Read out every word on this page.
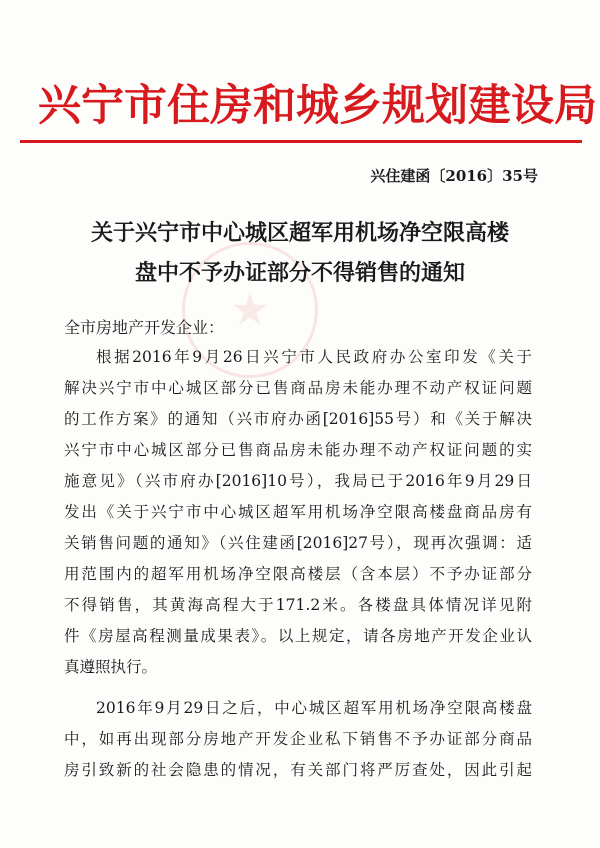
兴宁市住房和城乡规划建设局
兴住建函〔2016〕35号
★
关于兴宁市中心城区超军用机场净空限高楼
盘中不予办证部分不得销售的通知
全市房地产开发企业：
根据2016年9月26日兴宁市人民政府办公室印发《关于
解决兴宁市中心城区部分已售商品房未能办理不动产权证问题
的工作方案》的通知（兴市府办函[2016]55号）和《关于解决
兴宁市中心城区部分已售商品房未能办理不动产权证问题的实
施意见》（兴市府办[2016]10号），我局已于2016年9月29日
发出《关于兴宁市中心城区超军用机场净空限高楼盘商品房有
关销售问题的通知》（兴住建函[2016]27号），现再次强调：适
用范围内的超军用机场净空限高楼层（含本层）不予办证部分
不得销售，其黄海高程大于171.2米。各楼盘具体情况详见附
件《房屋高程测量成果表》。以上规定，请各房地产开发企业认
真遵照执行。
2016年9月29日之后，中心城区超军用机场净空限高楼盘
中，如再出现部分房地产开发企业私下销售不予办证部分商品
房引致新的社会隐患的情况，有关部门将严厉查处，因此引起
